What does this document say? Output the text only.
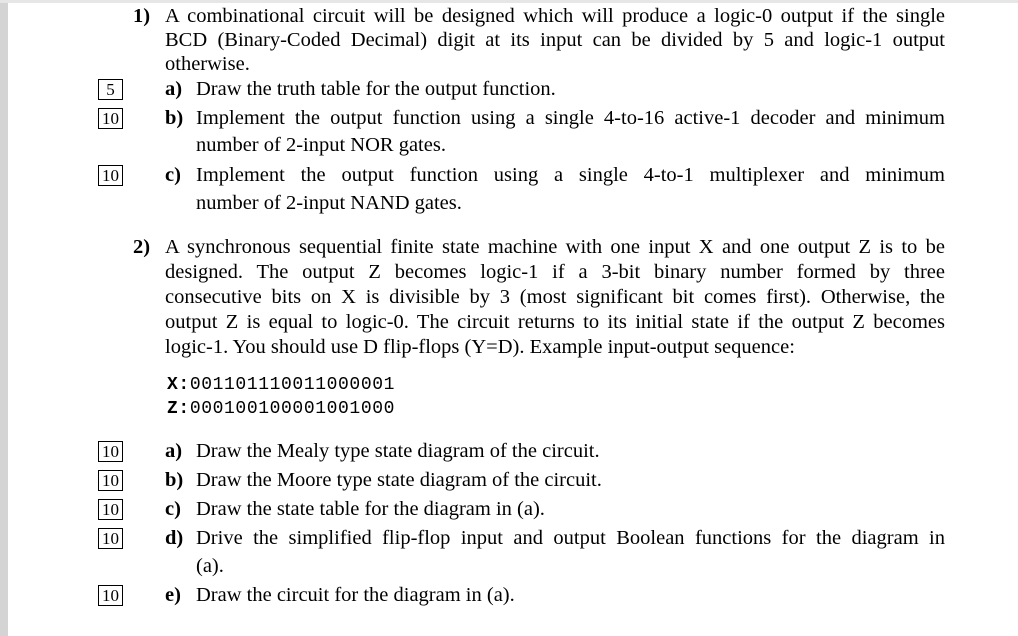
1) A combinational circuit will be designed which will produce a logic-0 output if the single
BCD (Binary-Coded Decimal) digit at its input can be divided by 5 and logic-1 output
otherwise.
5	a) Draw the truth table for the output function.
10 b) Implement the output function using a single 4-to-16 active-1 decoder and minimum
number of 2-input NOR gates.
10 c) Implement the output function using a single 4-to-1 multiplexer and minimum
number of 2-input NAND gates.
2) A synchronous sequential finite state machine with one input X and one output Z is to be
designed. The output Z becomes logic-1 if a 3-bit binary number formed by three
consecutive bits on X is divisible by 3 (most significant bit comes first). Otherwise, the
output Z is equal to logic-0. The circuit returns to its initial state if the output Z becomes
logic-1. You should use D flip-flops (Y=D). Example input-output sequence:
X:001101110011000001
Z:000100100001001000
10 a) Draw the Mealy type state diagram of the circuit.
10 b) Draw the Moore type state diagram of the circuit.
10 c) Draw the state table for the diagram in (a).
10 d) Drive the simplified flip-flop input and output Boolean functions for the diagram in
(a).
10 e) Draw the circuit for the diagram in (a).
